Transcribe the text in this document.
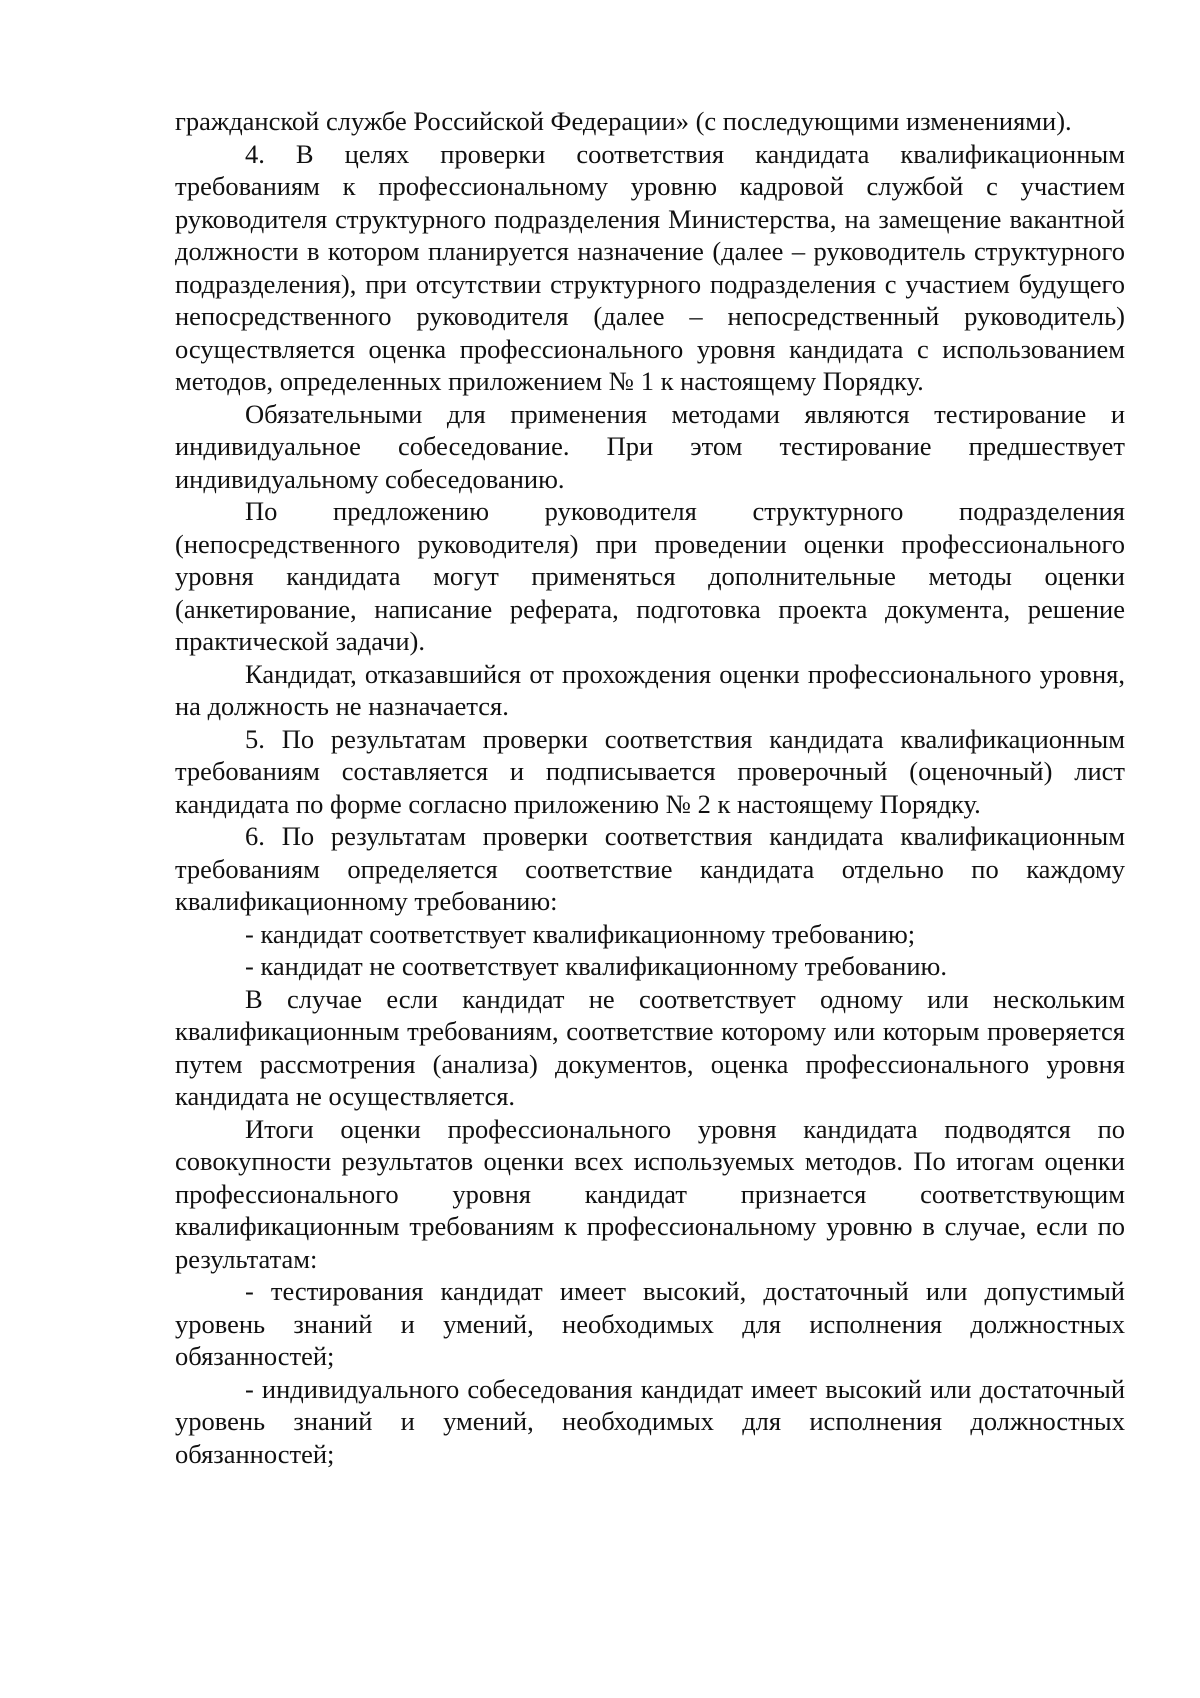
гражданской службе Российской Федерации» (с последующими изменениями).

4. В целях проверки соответствия кандидата квалификационным требованиям к профессиональному уровню кадровой службой с участием руководителя структурного подразделения Министерства, на замещение вакантной должности в котором планируется назначение (далее – руководитель структурного подразделения), при отсутствии структурного подразделения с участием будущего непосредственного руководителя (далее – непосредственный руководитель) осуществляется оценка профессионального уровня кандидата с использованием методов, определенных приложением № 1 к настоящему Порядку.

Обязательными для применения методами являются тестирование и индивидуальное собеседование. При этом тестирование предшествует индивидуальному собеседованию.

По предложению руководителя структурного подразделения (непосредственного руководителя) при проведении оценки профессионального уровня кандидата могут применяться дополнительные методы оценки (анкетирование, написание реферата, подготовка проекта документа, решение практической задачи).

Кандидат, отказавшийся от прохождения оценки профессионального уровня, на должность не назначается.

5. По результатам проверки соответствия кандидата квалификационным требованиям составляется и подписывается проверочный (оценочный) лист кандидата по форме согласно приложению № 2 к настоящему Порядку.

6. По результатам проверки соответствия кандидата квалификационным требованиям определяется соответствие кандидата отдельно по каждому квалификационному требованию:

- кандидат соответствует квалификационному требованию;

- кандидат не соответствует квалификационному требованию.

В случае если кандидат не соответствует одному или нескольким квалификационным требованиям, соответствие которому или которым проверяется путем рассмотрения (анализа) документов, оценка профессионального уровня кандидата не осуществляется.

Итоги оценки профессионального уровня кандидата подводятся по совокупности результатов оценки всех используемых методов. По итогам оценки профессионального уровня кандидат признается соответствующим квалификационным требованиям к профессиональному уровню в случае, если по результатам:

- тестирования кандидат имеет высокий, достаточный или допустимый уровень знаний и умений, необходимых для исполнения должностных обязанностей;

- индивидуального собеседования кандидат имеет высокий или достаточный уровень знаний и умений, необходимых для исполнения должностных обязанностей;
